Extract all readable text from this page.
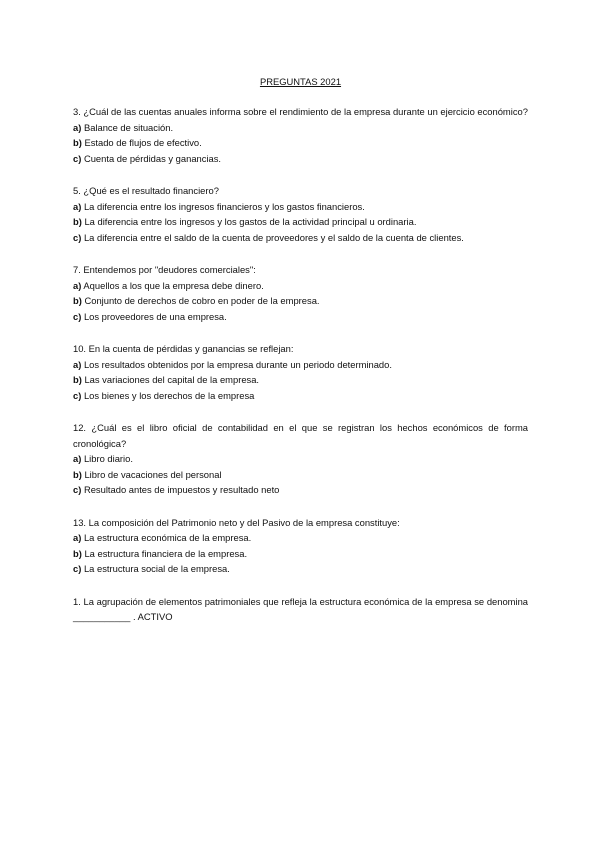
PREGUNTAS 2021

3. ¿Cuál de las cuentas anuales informa sobre el rendimiento de la empresa durante un ejercicio económico?

a) Balance de situación.

b) Estado de flujos de efectivo.

c) Cuenta de pérdidas y ganancias.

5. ¿Qué es el resultado financiero?

a) La diferencia entre los ingresos financieros y los gastos financieros.

b) La diferencia entre los ingresos y los gastos de la actividad principal u ordinaria.

c) La diferencia entre el saldo de la cuenta de proveedores y el saldo de la cuenta de clientes.

7. Entendemos por "deudores comerciales":

a) Aquellos a los que la empresa debe dinero.

b) Conjunto de derechos de cobro en poder de la empresa.

c) Los proveedores de una empresa.

10. En la cuenta de pérdidas y ganancias se reflejan:

a) Los resultados obtenidos por la empresa durante un periodo determinado.

b) Las variaciones del capital de la empresa.

c) Los bienes y los derechos de la empresa

12. ¿Cuál es el libro oficial de contabilidad en el que se registran los hechos económicos de forma cronológica?

a) Libro diario.

b) Libro de vacaciones del personal

c) Resultado antes de impuestos y resultado neto

13. La composición del Patrimonio neto y del Pasivo de la empresa constituye:

a) La estructura económica de la empresa.

b) La estructura financiera de la empresa.

c) La estructura social de la empresa.

1. La agrupación de elementos patrimoniales que refleja la estructura económica de la empresa se denomina ___________ . ACTIVO
